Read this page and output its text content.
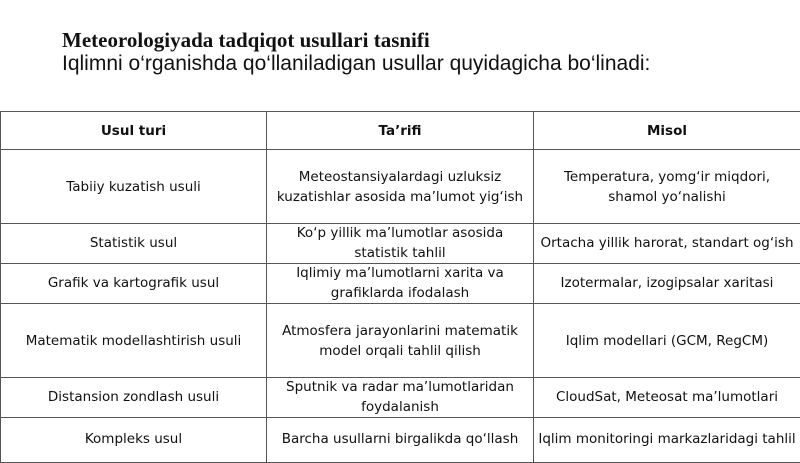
Meteorologiyada tadqiqot usullari tasnifi
Iqlimni o‘rganishda qo‘llaniladigan usullar quyidagicha bo‘linadi:
Usul turi	Ta’rifi	Misol

Tabiiy kuzatish usuli	Meteostansiyalardagi uzluksiz kuzatishlar asosida ma’lumot yig‘ish	Temperatura, yomg‘ir miqdori, shamol yo‘nalishi

Statistik usul	Ko‘p yillik ma’lumotlar asosida statistik tahlil	Ortacha yillik harorat, standart og‘ish

Grafik va kartografik usul	Iqlimiy ma’lumotlarni xarita va grafiklarda ifodalash	Izotermalar, izogipsalar xaritasi

Matematik modellashtirish usuli	Atmosfera jarayonlarini matematik model orqali tahlil qilish	Iqlim modellari (GCM, RegCM)

Distansion zondlash usuli	Sputnik va radar ma’lumotlaridan foydalanish	CloudSat, Meteosat ma’lumotlari

Kompleks usul	Barcha usullarni birgalikda qo‘llash	Iqlim monitoringi markazlaridagi tahlil
